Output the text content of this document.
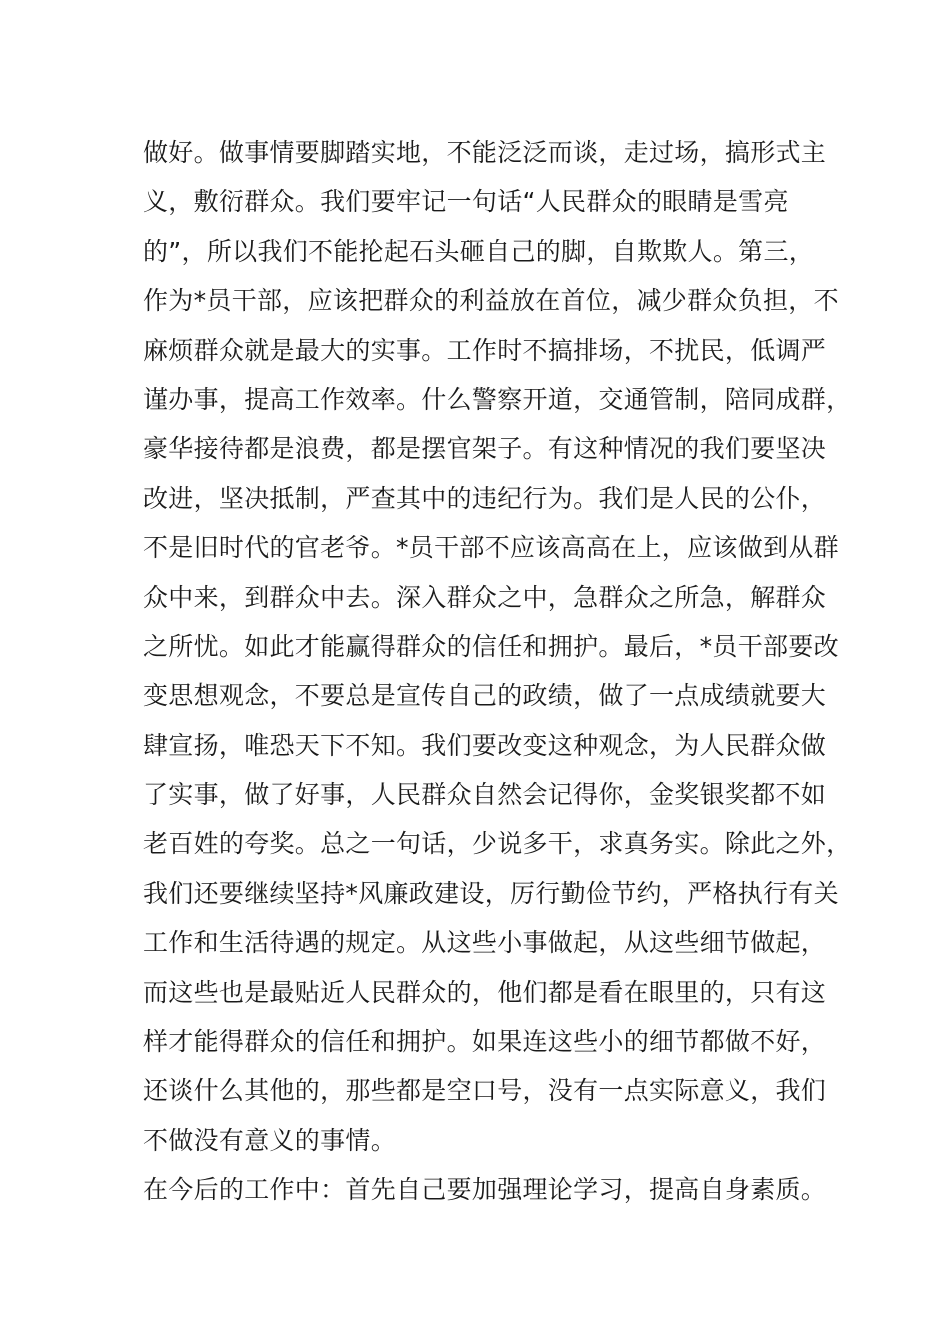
做好。做事情要脚踏实地，不能泛泛而谈，走过场，搞形式主
义，敷衍群众。我们要牢记一句话“人民群众的眼睛是雪亮
的”，所以我们不能抡起石头砸自己的脚，自欺欺人。第三，
作为*员干部，应该把群众的利益放在首位，减少群众负担，不
麻烦群众就是最大的实事。工作时不搞排场，不扰民，低调严
谨办事，提高工作效率。什么警察开道，交通管制，陪同成群，
豪华接待都是浪费，都是摆官架子。有这种情况的我们要坚决
改进，坚决抵制，严查其中的违纪行为。我们是人民的公仆，
不是旧时代的官老爷。*员干部不应该高高在上，应该做到从群
众中来，到群众中去。深入群众之中，急群众之所急，解群众
之所忧。如此才能赢得群众的信任和拥护。最后，*员干部要改
变思想观念，不要总是宣传自己的政绩，做了一点成绩就要大
肆宣扬，唯恐天下不知。我们要改变这种观念，为人民群众做
了实事，做了好事，人民群众自然会记得你，金奖银奖都不如
老百姓的夸奖。总之一句话，少说多干，求真务实。除此之外，
我们还要继续坚持*风廉政建设，厉行勤俭节约，严格执行有关
工作和生活待遇的规定。从这些小事做起，从这些细节做起，
而这些也是最贴近人民群众的，他们都是看在眼里的，只有这
样才能得群众的信任和拥护。如果连这些小的细节都做不好，
还谈什么其他的，那些都是空口号，没有一点实际意义，我们
不做没有意义的事情。
在今后的工作中：首先自己要加强理论学习，提高自身素质。
